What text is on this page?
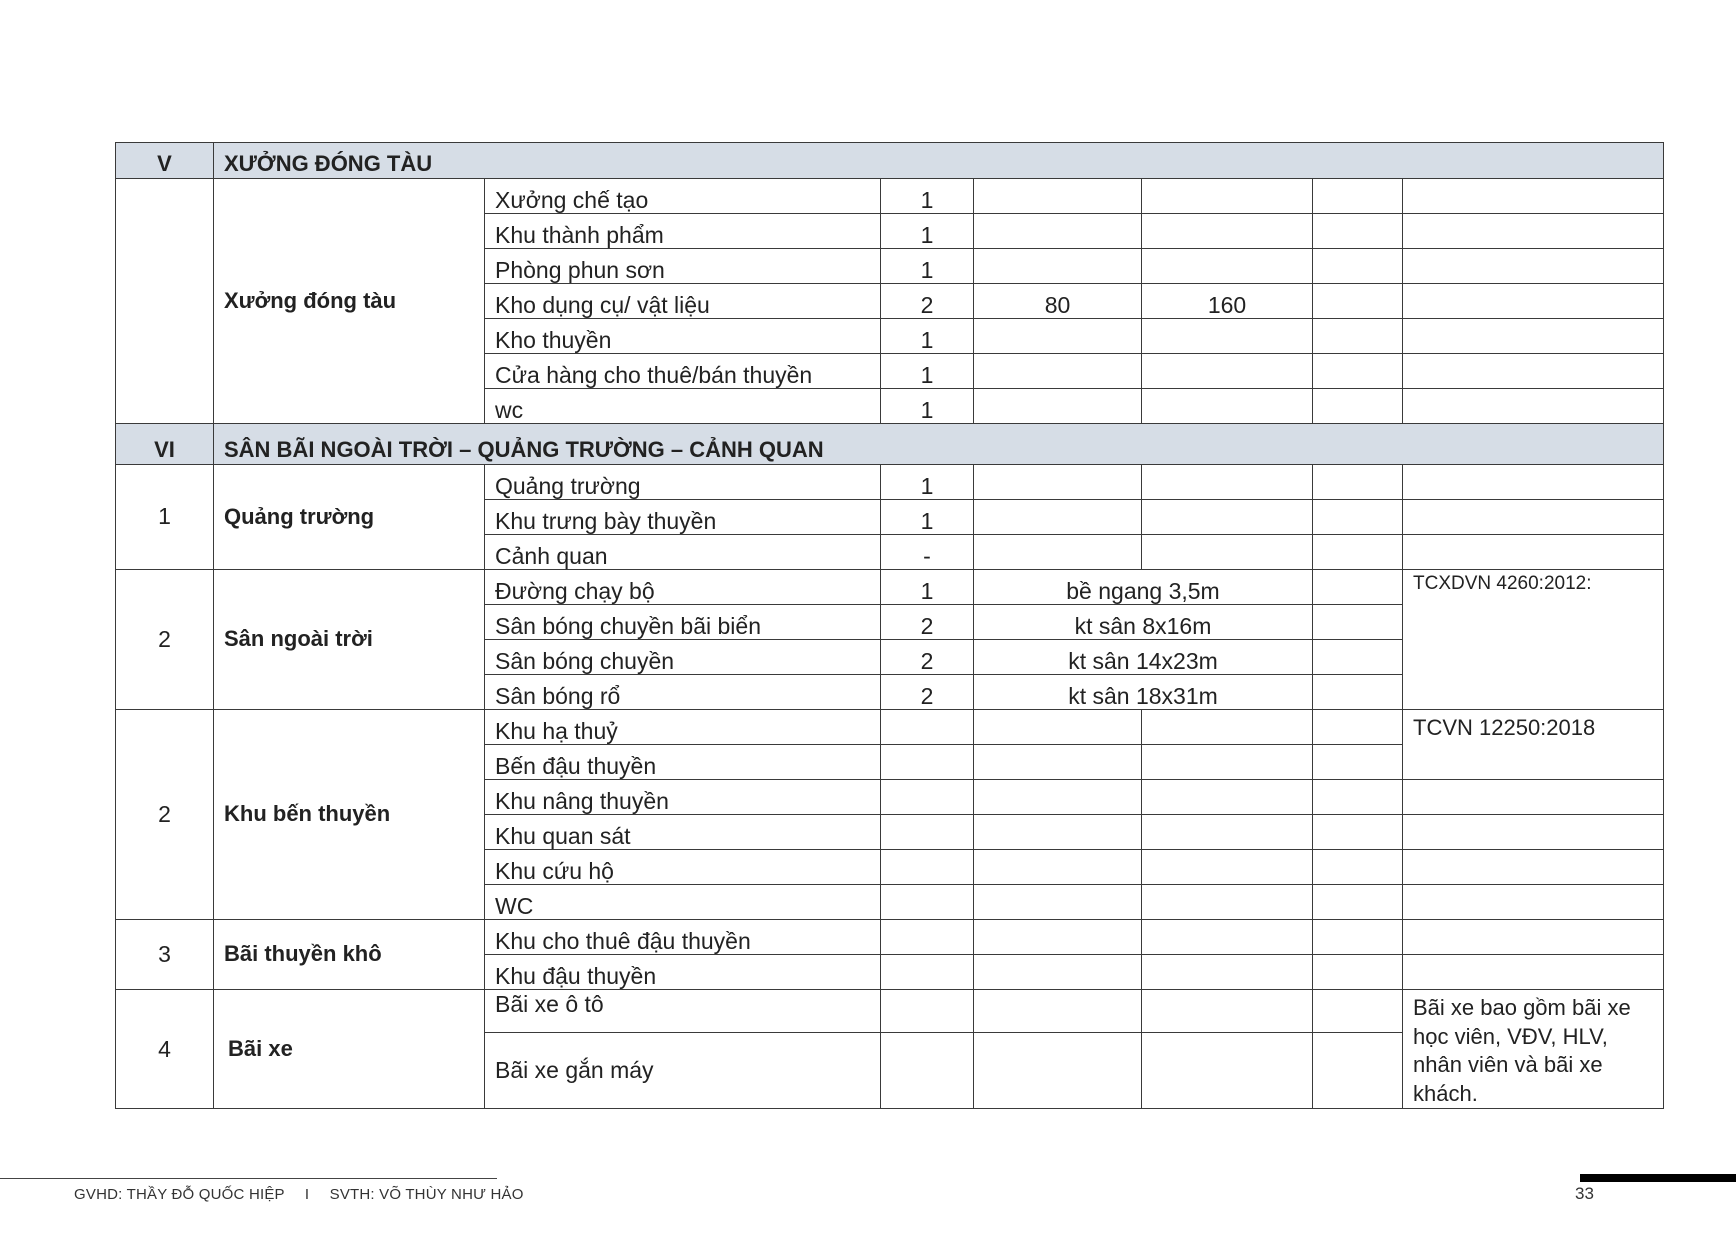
V	XƯỞNG ĐÓNG TÀU						
	Xưởng đóng tàu	Xưởng chế tạo	1				
		Khu thành phẩm	1				
		Phòng phun sơn	1				
		Kho dụng cụ/ vật liệu	2	80	160		
		Kho thuyền	1				
		Cửa hàng cho thuê/bán thuyền	1				
		wc	1				
VI	SÂN BÃI NGOÀI TRỜI – QUẢNG TRƯỜNG – CẢNH QUAN						
1	Quảng trường	Quảng trường	1				
		Khu trưng bày thuyền	1				
		Cảnh quan	-				
2	Sân ngoài trời	Đường chạy bộ	1	bề ngang 3,5m			TCXDVN 4260:2012:
		Sân bóng chuyền bãi biển	2	kt sân 8x16m			
		Sân bóng chuyền	2	kt sân 14x23m			
		Sân bóng rổ	2	kt sân 18x31m			
2	Khu bến thuyền	Khu hạ thuỷ					TCVN 12250:2018
		Bến đậu thuyền					
		Khu nâng thuyền					
		Khu quan sát					
		Khu cứu hộ					
		WC					
3	Bãi thuyền khô	Khu cho thuê đậu thuyền					
		Khu đậu thuyền					
4	Bãi xe	Bãi xe ô tô					Bãi xe bao gồm bãi xe học viên, VĐV, HLV, nhân viên và bãi xe khách.
		Bãi xe gắn máy					
GVHD: THẦY ĐỖ QUỐC HIỆP I SVTH: VÕ THÙY NHƯ HẢO	33
